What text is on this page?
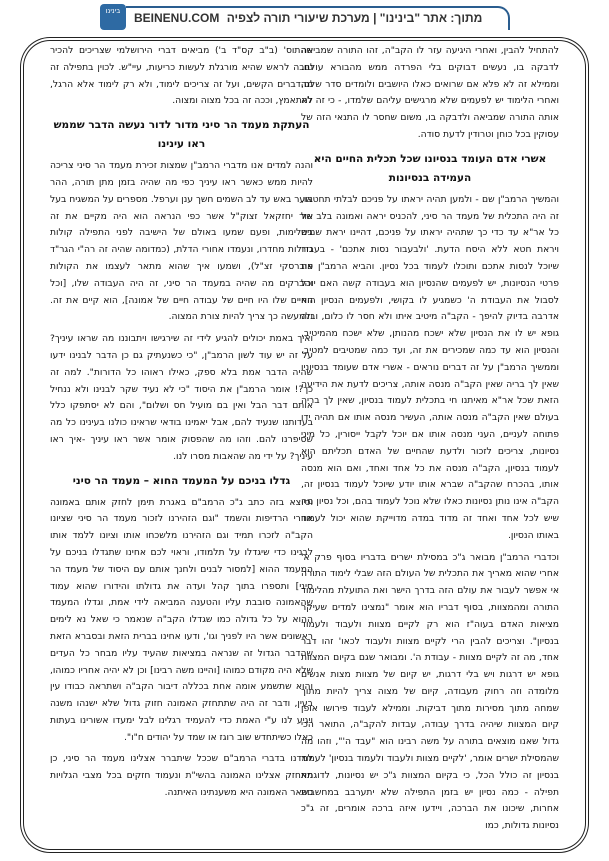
בינינו	BEINENU.COM מתוך: אתר "בינינו" | מערכת שיעורי תורה לצפיה

להתחיל להבין, ואחרי היגיעה עזר לו הקב"ה, זהו התורה שמביאה לדבקה בו, נעשים דבוקים בלי הפרדה ממש מהבורא עולם. וממילא זה לא פלא אם שרואים כאלו היושבים ולומדים סדר שלם, ואחרי הלימוד יש לפעמים שלא מרגישים עליהם שלמדו, - כי זה לא אותה התורה שמביאה ולדבקה בו, משום שחסר לו התנאי הזה של עסוקין בכל כוחן וטרודין לדעת סודה.

אשרי אדם העומד בנסיונו שכל תכלית החיים היא העמידה בנסיונות

והמשיך הרמב"ן שם - ולמען תהיה יראתו על פניכם לבלתי תחטאו, זה היה התכלית של מעמד הר סיני, להכניס יראה ואמונה בלב של כל אר"א עד כדי כך שתהיה יראתו על פניכם, דהיינו יראת שמים ויראת חטא ללא היסח הדעת. 'ולבעבור נסות אתכם' - בעבור שיוכל לנסות אתכם ותוכלו לעמוד בכל נסיון. והביא הרמב"ן את פרטי הנסיונות, יש לפעמים שהנסיון הוא בעבודה קשה האם יוכל לסבול את העבודת ה' כשמגיע לו בקושי, ולפעמים הנסיון הוא אדרבה בדיוק להיפך - הקב"ה מיטיב איתו ולא חסר לו כלום, ובזה גופא יש לו את הנסיון שלא ישכח מהנותן, שלא ישכח מהמיטיב, והנסיון הוא עד כמה שמכירים את זה, ועד כמה שמטיבים למטיב. וממשיך הרמב"ן על זה דברים נוראים - אשרי אדם שעומד בנסיוניו שאין לך בריה שאין הקב"ה מנסה אותה, צריכים לדעת את הידיעה הזאת שכל אר"א מאיתנו חי בתכלית לעמוד בנסיון, שאין לך בריה בעולם שאין הקב"ה מנסה אותה, העשיר מנסה אותו אם תהיה ידו פתוחה לעניים, העני מנסה אותו אם יוכל לקבל ייסורין, כל מיני נסיונות, צריכים לזכור ולדעת שהחיים של האדם תכליתם הוא לעמוד בנסיון, הקב"ה מנסה את כל אחד ואחד, ואם הוא מנסה אותו, בהכרח שהקב"ה שברא אותו יודע שיוכל לעמוד בנסיון זה, הקב"ה אינו נותן נסיונות כאלו שלא נוכל לעמוד בהם, וכל נסיון מה שיש לכל אחד ואחד זה מדוד במדה מדוייקת שהוא יכול לעמוד באותו הנסיון.

וכדברי הרמב"ן מבואר ג"כ במסילת ישרים בדבריו בסוף פרק א' אחרי שהוא מאריך את התכלית של העולם הזה שבלי לימוד התורה אי אפשר לעבור את עולם הזה בדרך הישר ואת התועלת מהלימוד התורה ומהמצוות, בסוף דבריו הוא אומר "נמצינו למדים שעיקר מציאות האדם בעוה"ז הוא רק לקיים מצוות ולעבוד ולעמוד בנסיון". וצריכים להבין הרי לקיים מצוות ולעבוד לכאו' זהו דבר אחד, מה זה לקיים מצוות - עבודת ה'. ומבואר שגם בקיום המצוות גופא יש דרגות ויש בלי דרגות, יש קיום של מצוות מצות אנשים מלומדה וזה רחוק מעבודה, קיום של מצוה צריך להיות מתוך שמחה מתוך מסירות מתוך דביקות. וממילא לעבוד פירושו אופן קיום המצוות שיהיה בדרך עבודה, עבדות להקב"ה, התואר הכי גדול שאנו מוצאים בתורה על משה רבינו הוא "עבד ה'", וזהו מה שהמסילת ישרים אומר, 'לקיים מצוות ולעבוד ולעמוד בנסיון' לעמוד בנסיון זה כולל הכל, כי בקיום המצוות ג"כ יש נסיונות, לדוגמא תפילה - כמה נסיון יש בזמן התפילה שלא יתערבב במחשבות אחרות, שיכונו את הברכה, ויידעו איזה ברכה אומרים, זה ג"כ נסיונות גדולות, כמו

שהתוס' (ב"ב קס"ד ב') מביאים דברי הירושלמי שצריכים להכיר טובה לראש שהיא מורגלת לעשות כריעות, עיי"ש. לכוין בתפילה זה מהדברים הקשים, ועל זה צריכים לימוד, ולא רק לימוד אלא הרגל, להתאמץ, וככה זה בכל מצוה ומצוה.

העתקת מעמד הר סיני מדור לדור נעשה הדבר שממש ראו עינינו

והנה למדים אנו מדברי הרמב"ן שמצות זכירת מעמד הר סיני צריכה להיות ממש כאשר ראו עיניך כפי מה שהיה בזמן מתן תורה, ההר בוער באש עד לב השמים חשך ענן וערפל. מספרים על המשגיח בעל אור יחזקאל זצוק"ל אשר כפי הנראה הוא היה מקיים את זה בשלימות, ופעם שמעו באולם של הישיבה לפני התפילה קולות גדולות מחדרו, ונעמדו אחורי הדלת, (כמדומה שהיה זה רה"י הגר"ד פוברסקי זצ"ל), ושמעו איך שהוא מתאר לעצמו את הקולות והברקים מה שהיה במעמד הר סיני, זה היה העבודה שלו, [וכל החיים שלו היו חיים של עבודה חיים של אמונה], הוא קיים את זה. ולמעשה כך צריך להיות צורת המצוה.

ואיך באמת יכולים להגיע לידי זה שירגישו ויתבוננו מה שראו עיניך? על זה יש עוד לשון הרמב"ן, "כי כשנעתיק גם כן הדבר לבנינו ידעו שהיה הדבר אמת בלא ספק, כאילו ראוהו כל הדורות". למה זה כך?! אומר הרמב"ן את היסוד "כי לא נעיד שקר לבנינו ולא ננחיל אותם דבר הבל ואין בם מועיל חס ושלום", והם לא יסתפקו כלל בעדותנו שנעיד להם, אבל יאמינו בודאי שראינו כולנו בעינינו כל מה שסיפרנו להם. וזהו מה שהפסוק אומר אשר ראו עיניך -איך ראו עיניך? על ידי מה שהאבות מסרו לנו.

גדלו בניכם על המעמד החוא – מעמד הר סיני

וכיוצא בזה כתב ג"כ הרמב"ם באגרת תימן לחזק אותם באמונה אחרי הרדיפות והשמד "וגם הזהירנו לזכור מעמד הר סיני שציונו הקב"ה לזכרו תמיד וגם הזהירנו מלשכחו אותו וציונו ללמד אותו לבנינו כדי שיגדלו על תלמודו, וראוי לכם אחינו שתגדלו בניכם על המעמד ההוא [למסור לבנים ולחנך אותם עם היסוד של מעמד הר סיני] ותספרו בתוך קהל ועדה את גדולתו והידורו שהוא עמוד שהאמונה סובבת עליו והטענה המביאה לידי אמת, וגדלו המעמד ההוא על כל גדולה כמו שגדלו הקב"ה שנאמר כי שאל נא לימים ראשונים אשר היו לפניך וגו', ודעו אחינו בברית הזאת ובסברא הזאת שהדבר הגדול זה שנראה במציאות שהעיד עליו מבחר כל העדים שלא היה מקודם כמוהו [והיינו משה רבינו] וכן לא יהיה אחריו כמוהו, והוא שתשמע אומה אחת בכללה דיבור הקב"ה ושתראה כבודו עין בעין, ודבר זה היה שתתחזק האמונה חזוק גדול שלא ישנהו משנה ויגיע לנו ע"י האמת כדי להעמיד רגלינו לבל ימעדו אשורינו בעתות כאלו כשיתחדש שוב רוגז או שמד על יהודים ח"ו".

למדנו בדברי הרמב"ם שככל שיתברר אצלינו מעמד הר סיני, כן תתחזק אצלינו האמונה בהשי"ת ונעמוד חזקים בכל מצבי הגלויות כשאר האמונה היא משענתינו האיתנה.
